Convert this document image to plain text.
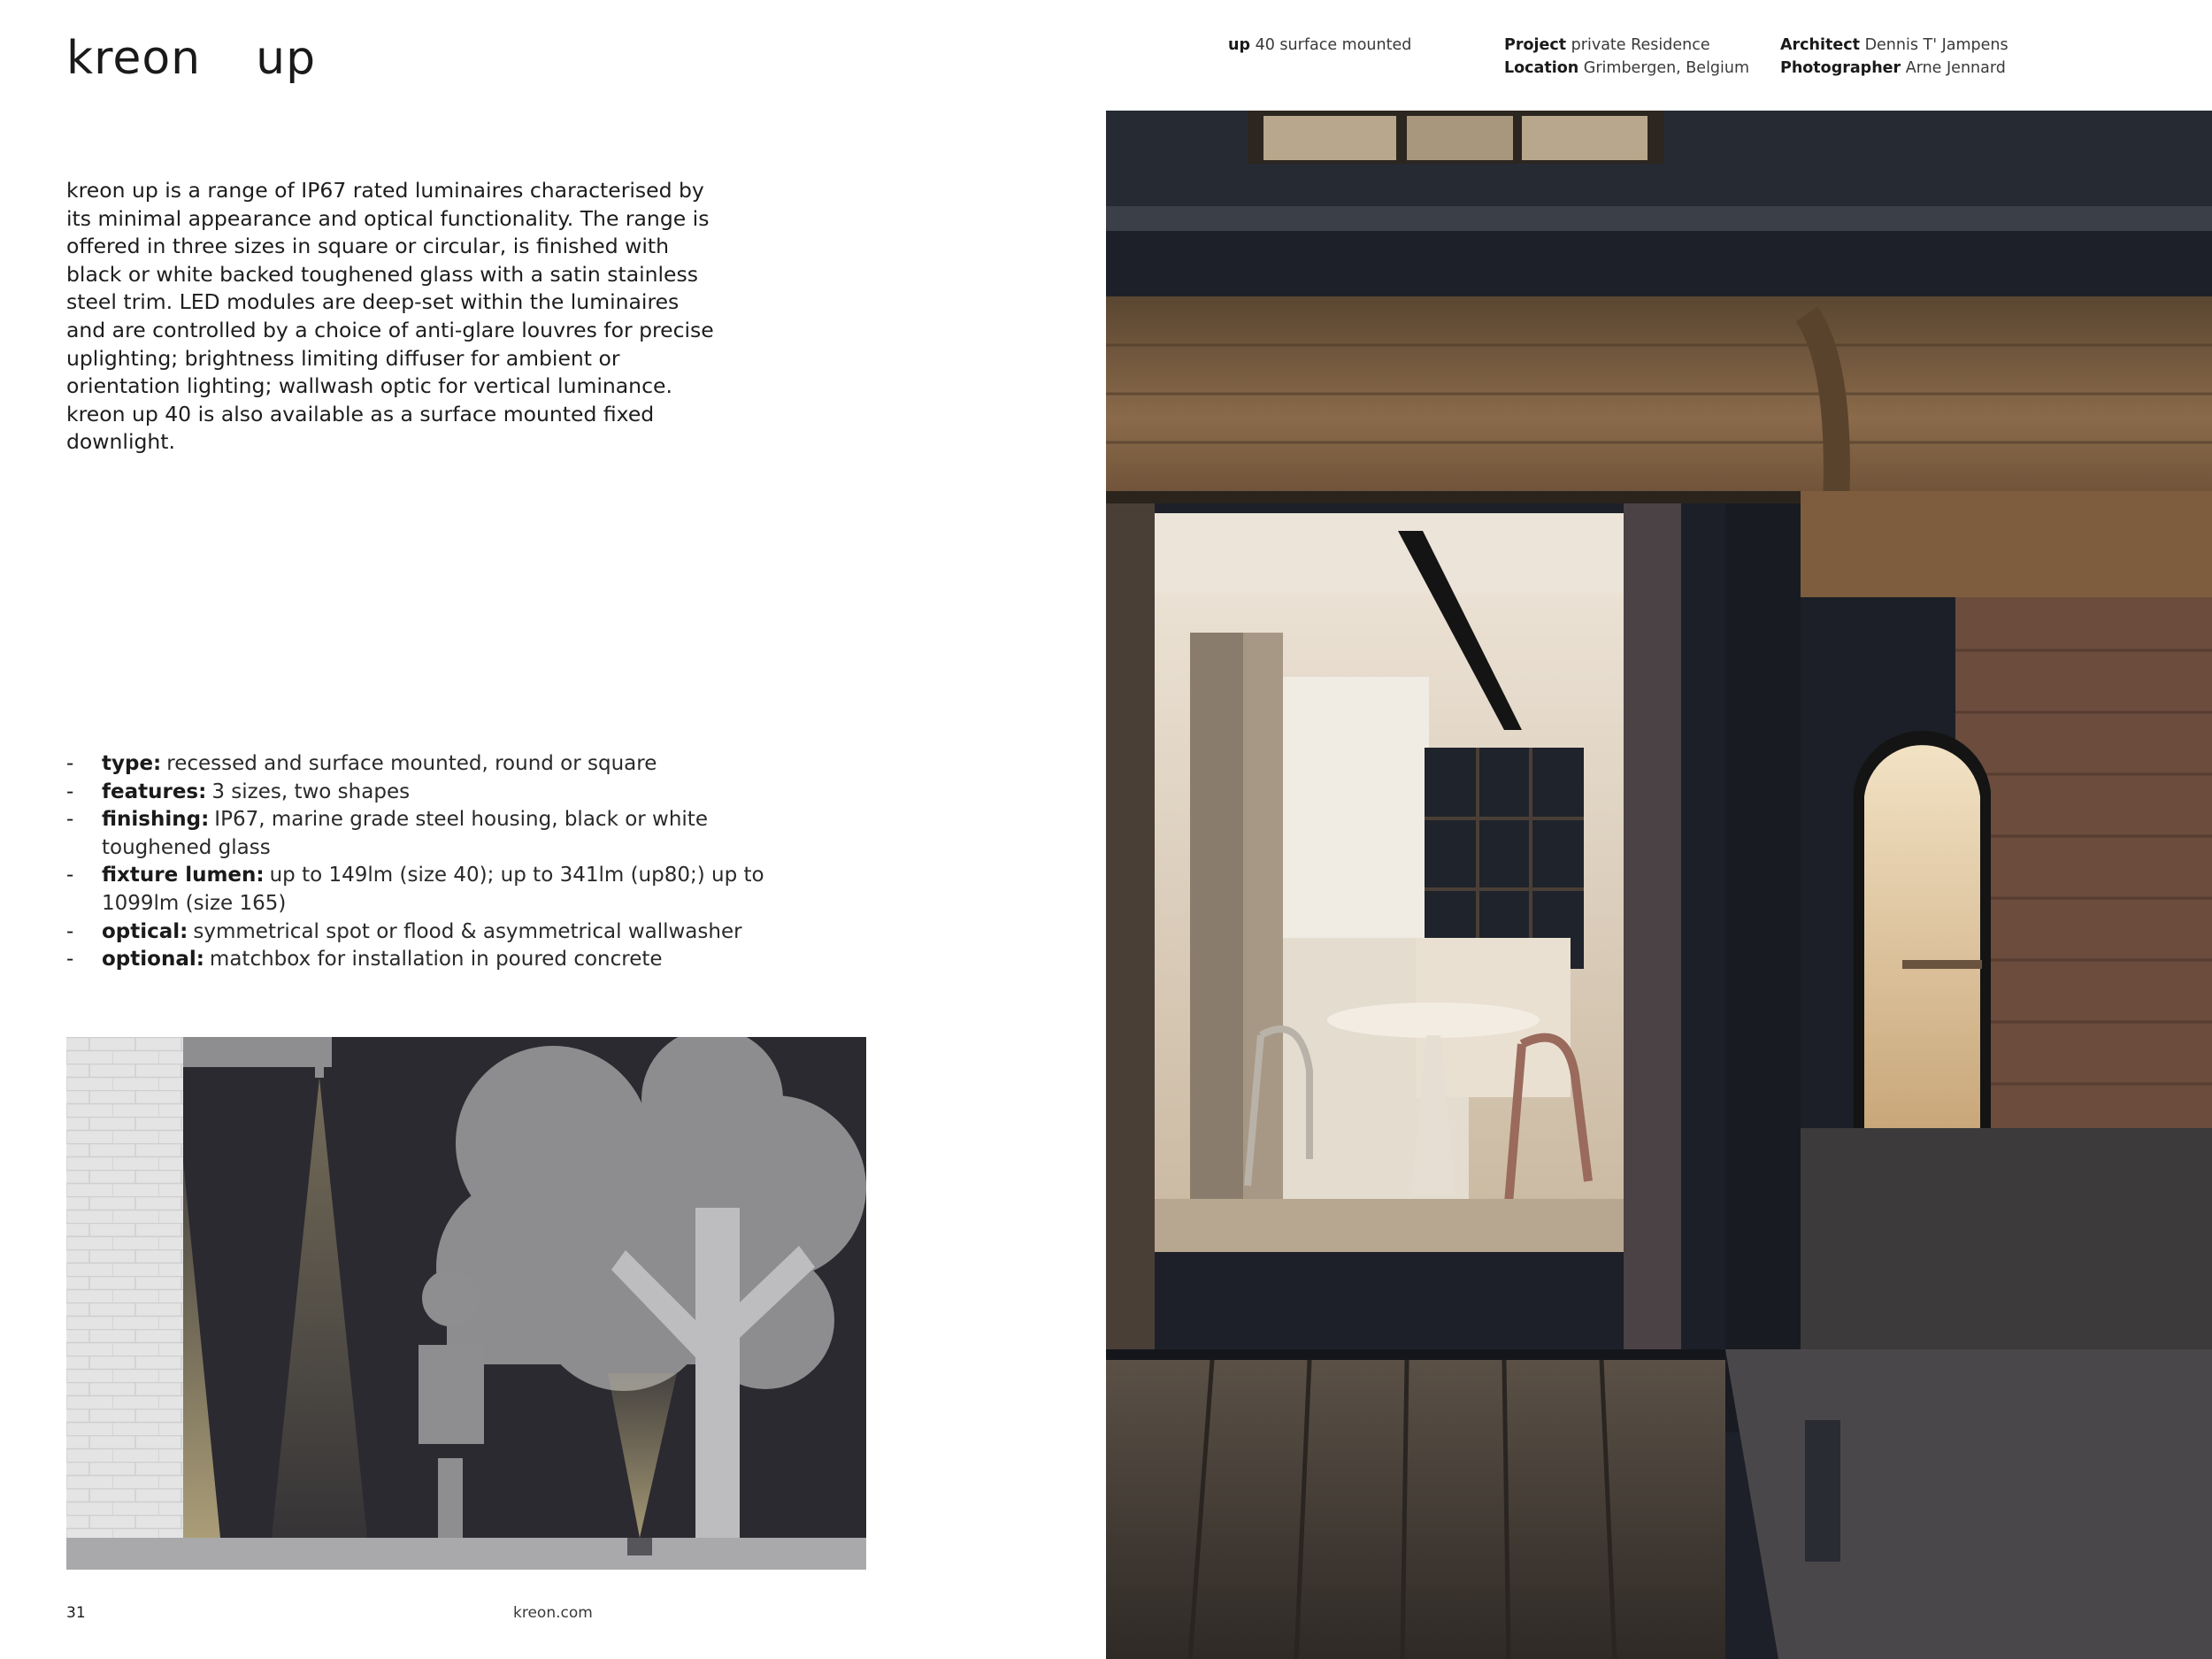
kreon up	up 40 surface mounted	Project private Residence
Location Grimbergen, Belgium
Architect Dennis T' Jampens
Photographer Arne Jennard

kreon up is a range of IP67 rated luminaires characterised by its minimal appearance and optical functionality. The range is offered in three sizes in square or circular, is finished with black or white backed toughened glass with a satin stainless steel trim. LED modules are deep-set within the luminaires and are controlled by a choice of anti-glare louvres for precise uplighting; brightness limiting diffuser for ambient or orientation lighting; wallwash optic for vertical luminance. kreon up 40 is also available as a surface mounted fixed downlight.

- type: recessed and surface mounted, round or square
- features: 3 sizes, two shapes
- finishing: IP67, marine grade steel housing, black or white toughened glass
- fixture lumen: up to 149lm (size 40); up to 341lm (up80;) up to 1099lm (size 165)
- optical: symmetrical spot or flood & asymmetrical wallwasher
- optional: matchbox for installation in poured concrete
31	kreon.com
